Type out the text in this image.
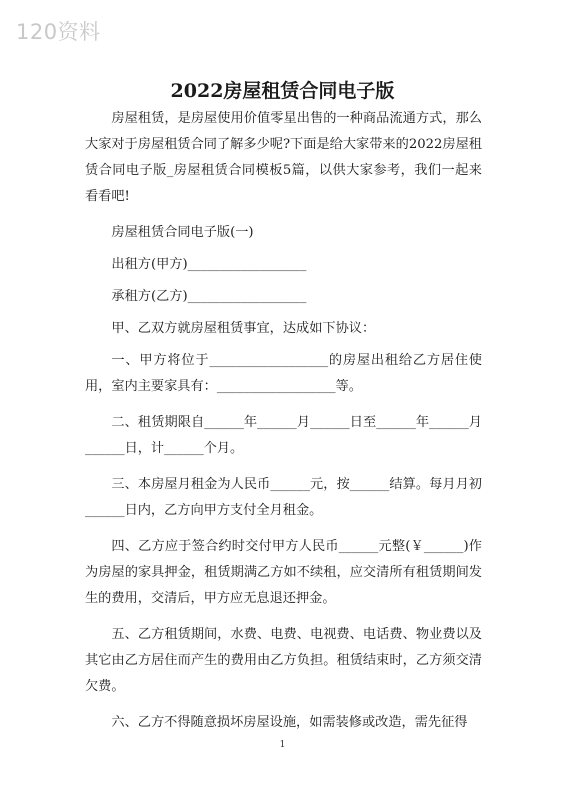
120资料
2022房屋租赁合同电子版

房屋租赁，是房屋使用价值零星出售的一种商品流通方式，那么大家对于房屋租赁合同了解多少呢?下面是给大家带来的2022房屋租赁合同电子版_房屋租赁合同模板5篇，以供大家参考，我们一起来看看吧!

房屋租赁合同电子版(一)

出租方(甲方)__________________

承租方(乙方)__________________

甲、乙双方就房屋租赁事宜，达成如下协议：

一、甲方将位于__________________的房屋出租给乙方居住使用，室内主要家具有：__________________等。

二、租赁期限自______年______月______日至______年______月______日，计______个月。

三、本房屋月租金为人民币______元，按______结算。每月月初______日内，乙方向甲方支付全月租金。

四、乙方应于签合约时交付甲方人民币______元整(￥______)作为房屋的家具押金，租赁期满乙方如不续租，应交清所有租赁期间发生的费用，交清后，甲方应无息退还押金。

五、乙方租赁期间，水费、电费、电视费、电话费、物业费以及其它由乙方居住而产生的费用由乙方负担。租赁结束时，乙方须交清欠费。

六、乙方不得随意损坏房屋设施，如需装修或改造，需先征得

1
